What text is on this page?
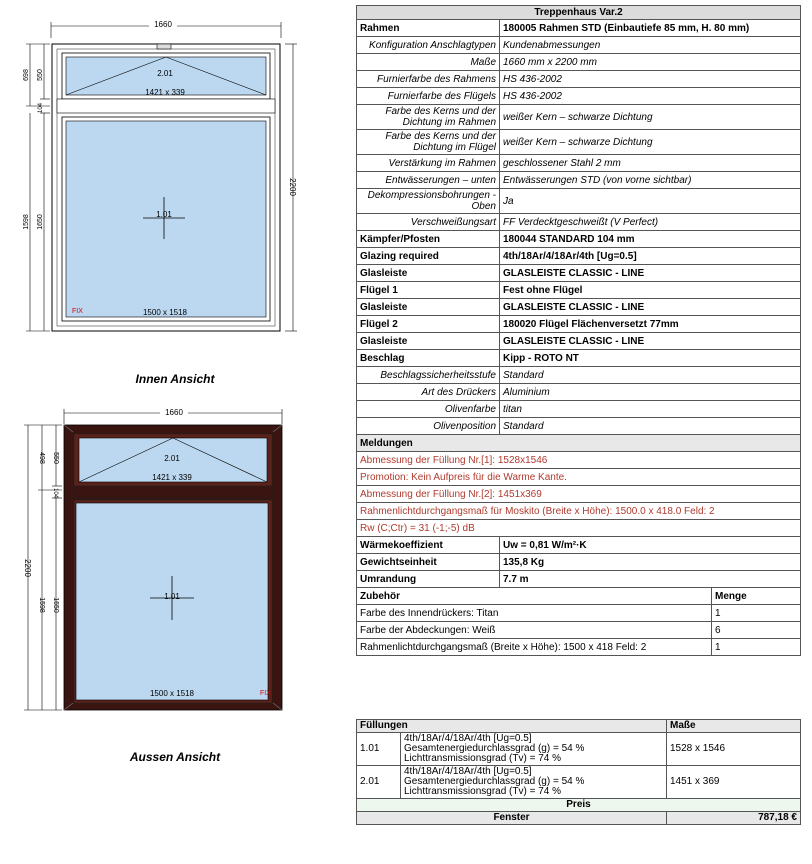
1660
2.01
1421 x 339
1.01
1500 x 1518
FIX
2200
698 550
104
1598 1650
Innen Ansicht
1660
2.01
1421 x 339
1.01
1500 x 1518	FIX
2200
498 550
104
1598 1650
Aussen Ansicht
Treppenhaus Var.2		
Rahmen	180005 Rahmen STD (Einbautiefe 85 mm, H. 80 mm)	
Konfiguration Anschlagtypen	Kundenabmessungen	
Maße	1660 mm x 2200 mm	
Furnierfarbe des Rahmens	HS 436-2002	
Furnierfarbe des Flügels	HS 436-2002	
Farbe des Kerns und der Dichtung im Rahmen	weißer Kern – schwarze Dichtung	
Farbe des Kerns und der Dichtung im Flügel	weißer Kern – schwarze Dichtung	
Verstärkung im Rahmen	geschlossener Stahl 2 mm	
Entwässerungen – unten	Entwässerungen STD (von vorne sichtbar)	
Dekompressionsbohrungen - Oben	Ja	
Verschweißungsart	FF Verdecktgeschweißt (V Perfect)	
Kämpfer/Pfosten	180044 STANDARD 104 mm	
Glazing required	4th/18Ar/4/18Ar/4th [Ug=0.5]	
Glasleiste	GLASLEISTE CLASSIC - LINE	
Flügel 1	Fest ohne Flügel	
Glasleiste	GLASLEISTE CLASSIC - LINE	
Flügel 2	180020 Flügel Flächenversetzt 77mm	
Glasleiste	GLASLEISTE CLASSIC - LINE	
Beschlag	Kipp - ROTO NT	
Beschlagssicherheitsstufe	Standard	
Art des Drückers	Aluminium	
Olivenfarbe	titan	
Olivenposition	Standard	
Meldungen		
Abmessung der Füllung Nr.[1]: 1528x1546		
Promotion: Kein Aufpreis für die Warme Kante.		
Abmessung der Füllung Nr.[2]: 1451x369		
Rahmenlichtdurchgangsmaß für Moskito (Breite x Höhe): 1500.0 x 418.0 Feld: 2		
Rw (C;Ctr) = 31 (-1;-5) dB		
Wärmekoeffizient	Uw = 0,81 W/m²·K	
Gewichtseinheit	135,8 Kg	
Umrandung	7.7 m	
Zubehör		Menge
Farbe des Innendrückers: Titan		1
Farbe der Abdeckungen: Weiß		6
Rahmenlichtdurchgangsmaß (Breite x Höhe): 1500 x 418 Feld: 2		1
Füllungen		Maße
1.01	4th/18Ar/4/18Ar/4th [Ug=0.5]
Gesamtenergiedurchlassgrad (g) = 54 %
Lichttransmissionsgrad (Tv) = 74 %	1528 x 1546
2.01	4th/18Ar/4/18Ar/4th [Ug=0.5]
Gesamtenergiedurchlassgrad (g) = 54 %
Lichttransmissionsgrad (Tv) = 74 %	1451 x 369
Preis		
Fenster		787,18 €
